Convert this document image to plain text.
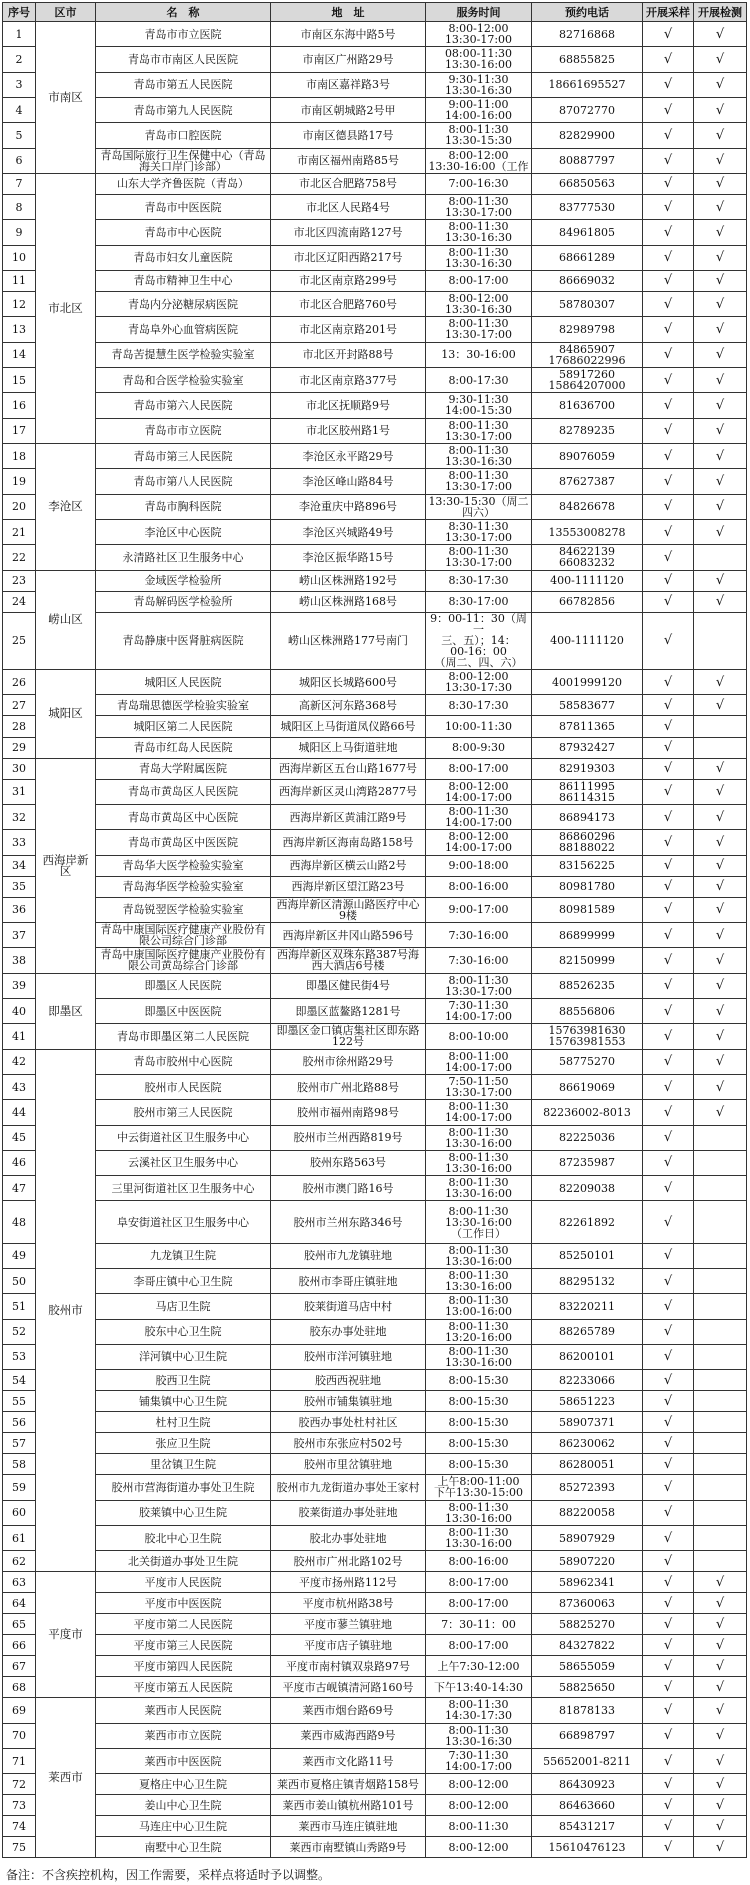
序号	区市	名　称	地　址	服务时间	预约电话	开展采样	开展检测
1	市南区	青岛市市立医院	市南区东海中路5号	8:00-12:00
13:30-17:00	82716868	√	√
2		青岛市市南区人民医院	市南区广州路29号	08:00-11:30
13:30-16:00	68855825	√	√
3		青岛市第五人民医院	市南区嘉祥路3号	9:30-11:30
13:30-16:30	18661695527	√	√
4		青岛市第九人民医院	市南区朝城路2号甲	9:00-11:00
14:00-16:00	87072770	√	√
5		青岛市口腔医院	市南区德县路17号	8:00-11:30
13:30-15:30	82829900	√	√
6		青岛国际旅行卫生保健中心（青岛海关口岸门诊部）	市南区福州南路85号	8:00-12:00
13:30-16:00（工作	80887797	√	√
7	市北区	山东大学齐鲁医院（青岛）	市北区合肥路758号	7:00-16:30	66850563	√	√
8		青岛市中医医院	市北区人民路4号	8:00-11:30
13:30-17:00	83777530	√	√
9		青岛市中心医院	市北区四流南路127号	8:00-11:30
13:30-16:30	84961805	√	√
10		青岛市妇女儿童医院	市北区辽阳西路217号	8:00-11:30
13:30-16:30	68661289	√	√
11		青岛市精神卫生中心	市北区南京路299号	8:00-17:00	86669032	√	√
12		青岛内分泌糖尿病医院	市北区合肥路760号	8:00-12:00
13:30-16:30	58780307	√	√
13		青岛阜外心血管病医院	市北区南京路201号	8:00-11:30
13:30-17:00	82989798	√	√
14		青岛苦提慧生医学检验实验室	市北区开封路88号	13：30-16:00	84865907
17686022996	√	√
15		青岛和合医学检验实验室	市北区南京路377号	8:00-17:30	58917260
15864207000	√	√
16		青岛市第六人民医院	市北区抚顺路9号	9:30-11:30
14:00-15:30	81636700	√	√
17		青岛市市立医院	市北区胶州路1号	8:00-11:30
13:30-17:00	82789235	√	√
18	李沧区	青岛市第三人民医院	李沧区永平路29号	8:00-11:30
13:30-16:30	89076059	√	√
19		青岛市第八人民医院	李沧区峰山路84号	8:00-11:30
13:30-17:00	87627387	√	√
20		青岛市胸科医院	李沧重庆中路896号	13:30-15:30（周二
四六）	84826678	√	√
21		李沧区中心医院	李沧区兴城路49号	8:30-11:30
13:30-17:00	13553008278	√	√
22		永清路社区卫生服务中心	李沧区振华路15号	8:00-11:30
13:30-17:00	84622139
66083232	√	
23	崂山区	金域医学检验所	崂山区株洲路192号	8:30-17:30	400-1111120	√	√
24		青岛解码医学检验所	崂山区株洲路168号	8:30-17:00	66782856	√	√
25		青岛静康中医肾脏病医院	崂山区株洲路177号南门	9：00-11：30（周一
三、五）；14：
00-16：00
（周二、四、六）	400-1111120	√	
26	城阳区	城阳区人民医院	城阳区长城路600号	8:00-12:00
13:30-17:30	4001999120	√	√
27		青岛瑞思德医学检验实验室	高新区河东路368号	8:30-17:30	58583677	√	√
28		城阳区第二人民医院	城阳区上马街道凤仪路66号	10:00-11:30	87811365	√	
29		青岛市红岛人民医院	城阳区上马街道驻地	8:00-9:30	87932427	√	
30	西海岸新区	青岛大学附属医院	西海岸新区五台山路1677号	8:00-17:00	82919303	√	√
31		青岛市黄岛区人民医院	西海岸新区灵山湾路2877号	8:00-12:00
14:00-17:00	86111995
86114315	√	√
32		青岛市黄岛区中心医院	西海岸新区黄浦江路9号	8:00-11:30
14:00-17:00	86894173	√	√
33		青岛市黄岛区中医医院	西海岸新区海南岛路158号	8:00-12:00
14:00-17:00	86860296
88188022	√	√
34		青岛华大医学检验实验室	西海岸新区横云山路2号	9:00-18:00	83156225	√	√
35		青岛海华医学检验实验室	西海岸新区望江路23号	8:00-16:00	80981780	√	√
36		青岛锐翌医学检验实验室	西海岸新区清源山路医疗中心
9楼	9:00-17:00	80981589	√	√
37		青岛中康国际医疗健康产业股份有限公司综合门诊部	西海岸新区井冈山路596号	7:30-16:00	86899999	√	√
38		青岛中康国际医疗健康产业股份有限公司黄岛综合门诊部	西海岸新区双珠东路387号海西大酒店6号楼	7:30-16:00	82150999	√	√
39	即墨区	即墨区人民医院	即墨区健民街4号	8:00-11:30
13:30-17:00	88526235	√	√
40		即墨区中医医院	即墨区蓝鳌路1281号	7:30-11:30
14:00-17:00	88556806	√	√
41		青岛市即墨区第二人民医院	即墨区金口镇店集社区即东路
122号	8:00-10:00	15763981630
15763981553	√	√
42	胶州市	青岛市胶州中心医院	胶州市徐州路29号	8:00-11:00
14:00-17:00	58775270	√	√
43		胶州市人民医院	胶州市广州北路88号	7:50-11:50
13:30-17:00	86619069	√	√
44		胶州市第三人民医院	胶州市福州南路98号	8:00-11:30
14:00-17:00	82236002-8013	√	√
45		中云街道社区卫生服务中心	胶州市兰州西路819号	8:00-11:30
13:30-16:00	82225036	√	
46		云溪社区卫生服务中心	胶州东路563号	8:00-11:30
13:30-16:00	87235987	√	
47		三里河街道社区卫生服务中心	胶州市澳门路16号	8:00-11:30
13:30-16:00	82209038	√	
48		阜安街道社区卫生服务中心	胶州市兰州东路346号	8:00-11:30
13:30-16:00
（工作日）	82261892	√	
49		九龙镇卫生院	胶州市九龙镇驻地	8:00-11:30
13:30-16:00	85250101	√	
50		李哥庄镇中心卫生院	胶州市李哥庄镇驻地	8:00-11:30
13:30-16:00	88295132	√	
51		马店卫生院	胶莱街道马店中村	8:00-11:30
13:00-16:00	83220211	√	
52		胶东中心卫生院	胶东办事处驻地	8:00-11:30
13:20-16:00	88265789	√	
53		洋河镇中心卫生院	胶州市洋河镇驻地	8:00-11:30
13:30-16:00	86200101	√	
54		胶西卫生院	胶西西祝驻地	8:00-15:30	82233066	√	
55		铺集镇中心卫生院	胶州市铺集镇驻地	8:00-15:30	58651223	√	
56		杜村卫生院	胶西办事处杜村社区	8:00-15:30	58907371	√	
57		张应卫生院	胶州市东张应村502号	8:00-15:30	86230062	√	
58		里岔镇卫生院	胶州市里岔镇驻地	8:00-15:30	86280051	√	
59		胶州市营海街道办事处卫生院	胶州市九龙街道办事处王家村	上午8:00-11:00
下午13:30-15:00	85272393	√	
60		胶莱镇中心卫生院	胶莱街道办事处驻地	8:00-11:30
13:30-16:00	88220058	√	
61		胶北中心卫生院	胶北办事处驻地	8:00-11:30
13:30-16:00	58907929	√	
62		北关街道办事处卫生院	胶州市广州北路102号	8:00-16:00	58907220	√	
63	平度市	平度市人民医院	平度市扬州路112号	8:00-17:00	58962341	√	√
64		平度市中医医院	平度市杭州路38号	8:00-17:00	87360063	√	√
65		平度市第二人民医院	平度市蓼兰镇驻地	7：30-11：00	58825270	√	√
66		平度市第三人民医院	平度市店子镇驻地	8:00-17:00	84327822	√	√
67		平度市第四人民医院	平度市南村镇双泉路97号	上午7:30-12:00	58655059	√	√
68		平度市第五人民医院	平度市古岘镇清河路160号	下午13:40-14:30	58825650	√	√
69	莱西市	莱西市人民医院	莱西市烟台路69号	8:00-11:30
14:30-17:30	81878133	√	√
70		莱西市市立医院	莱西市威海西路9号	8:00-11:30
13:30-16:30	66898797	√	√
71		莱西市中医医院	莱西市文化路11号	7:30-11:30
14:00-17:00	55652001-8211	√	√
72		夏格庄中心卫生院	莱西市夏格庄镇青烟路158号	8:00-12:00	86430923	√	√
73		姜山中心卫生院	莱西市姜山镇杭州路101号	8:00-12:00	86463660	√	√
74		马连庄中心卫生院	莱西市马连庄镇驻地	8:00-11:30	85431217	√	√
75		南墅中心卫生院	莱西市南墅镇山秀路9号	8:00-12:00	15610476123	√	√
备注：不含疾控机构，因工作需要，采样点将适时予以调整。
